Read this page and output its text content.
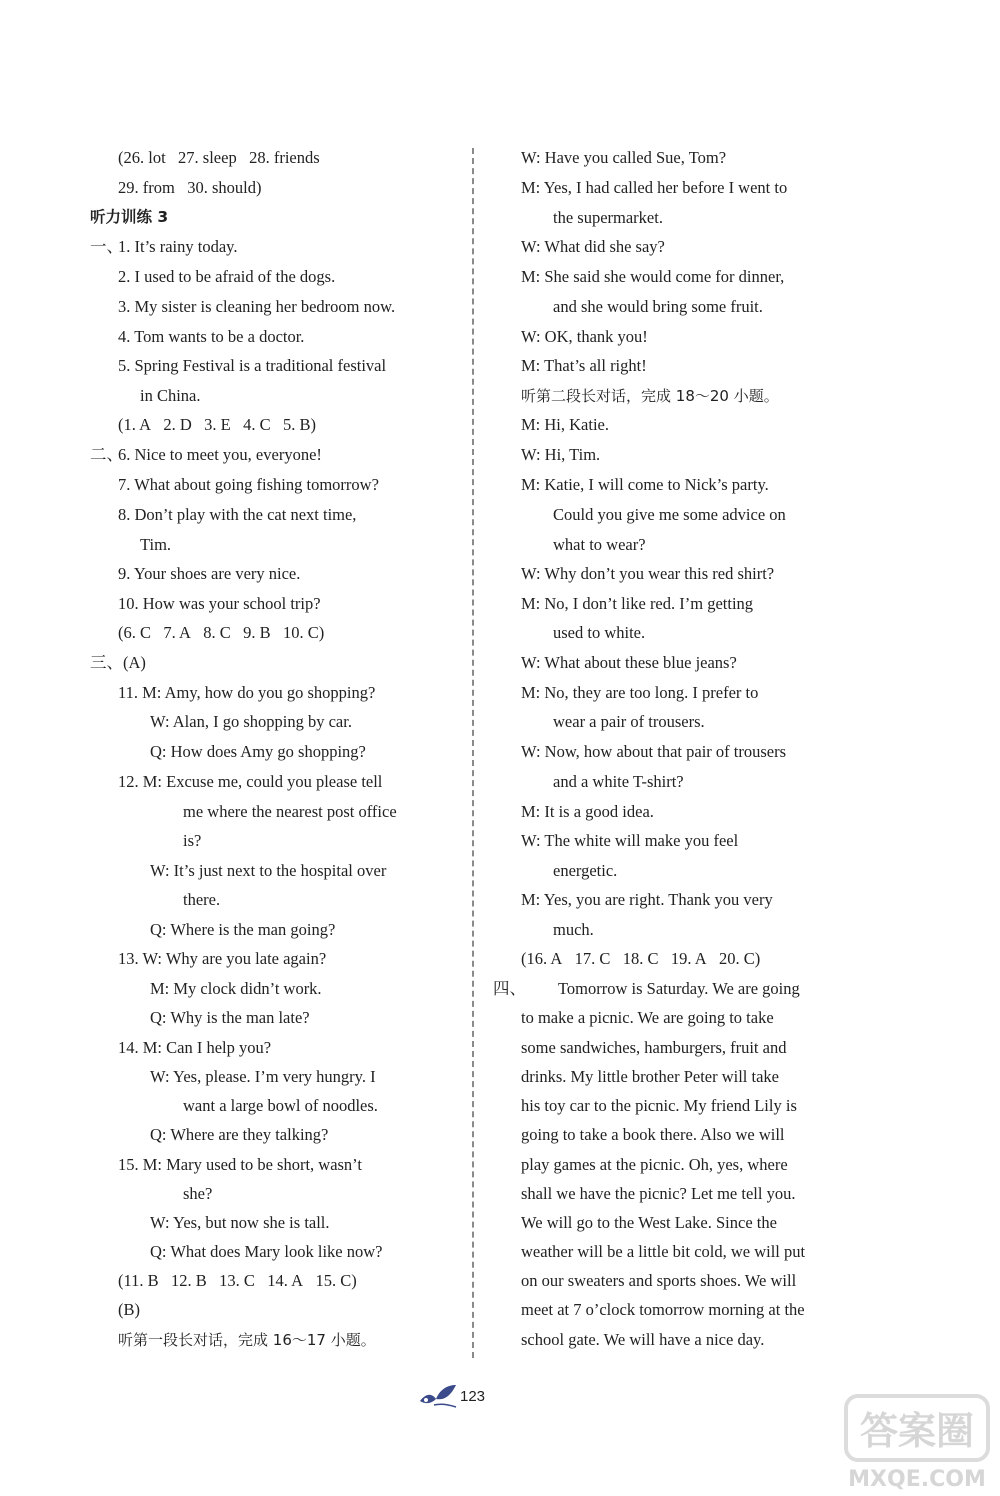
(26. lot 27. sleep 28. friends
29. from 30. should)
听力训练 3
一、
1. It’s rainy today.
2. I used to be afraid of the dogs.
3. My sister is cleaning her bedroom now.
4. Tom wants to be a doctor.
5. Spring Festival is a traditional festival
in China.
(1. A 2. D 3. E 4. C 5. B)
二、
6. Nice to meet you, everyone!
7. What about going fishing tomorrow?
8. Don’t play with the cat next time,
Tim.
9. Your shoes are very nice.
10. How was your school trip?
(6. C 7. A 8. C 9. B 10. C)
三、(A)
11. M: Amy, how do you go shopping?
W: Alan, I go shopping by car.
Q: How does Amy go shopping?
12. M: Excuse me, could you please tell
me where the nearest post office
is?
W: It’s just next to the hospital over
there.
Q: Where is the man going?
13. W: Why are you late again?
M: My clock didn’t work.
Q: Why is the man late?
14. M: Can I help you?
W: Yes, please. I’m very hungry. I
want a large bowl of noodles.
Q: Where are they talking?
15. M: Mary used to be short, wasn’t
she?
W: Yes, but now she is tall.
Q: What does Mary look like now?
(11. B 12. B 13. C 14. A 15. C)
(B)
听第一段长对话，完成 16～17 小题。
W: Have you called Sue, Tom?
M: Yes, I had called her before I went to
the supermarket.
W: What did she say?
M: She said she would come for dinner,
and she would bring some fruit.
W: OK, thank you!
M: That’s all right!
听第二段长对话，完成 18～20 小题。
M: Hi, Katie.
W: Hi, Tim.
M: Katie, I will come to Nick’s party.
Could you give me some advice on
what to wear?
W: Why don’t you wear this red shirt?
M: No, I don’t like red. I’m getting
used to white.
W: What about these blue jeans?
M: No, they are too long. I prefer to
wear a pair of trousers.
W: Now, how about that pair of trousers
and a white T-shirt?
M: It is a good idea.
W: The white will make you feel
energetic.
M: Yes, you are right. Thank you very
much.
(16. A 17. C 18. C 19. A 20. C)
四、 Tomorrow is Saturday. We are going
to make a picnic. We are going to take
some sandwiches, hamburgers, fruit and
drinks. My little brother Peter will take
his toy car to the picnic. My friend Lily is
going to take a book there. Also we will
play games at the picnic. Oh, yes, where
shall we have the picnic? Let me tell you.
We will go to the West Lake. Since the
weather will be a little bit cold, we will put
on our sweaters and sports shoes. We will
meet at 7 o’clock tomorrow morning at the
school gate. We will have a nice day.
123
答案圈
MXQE.COM
